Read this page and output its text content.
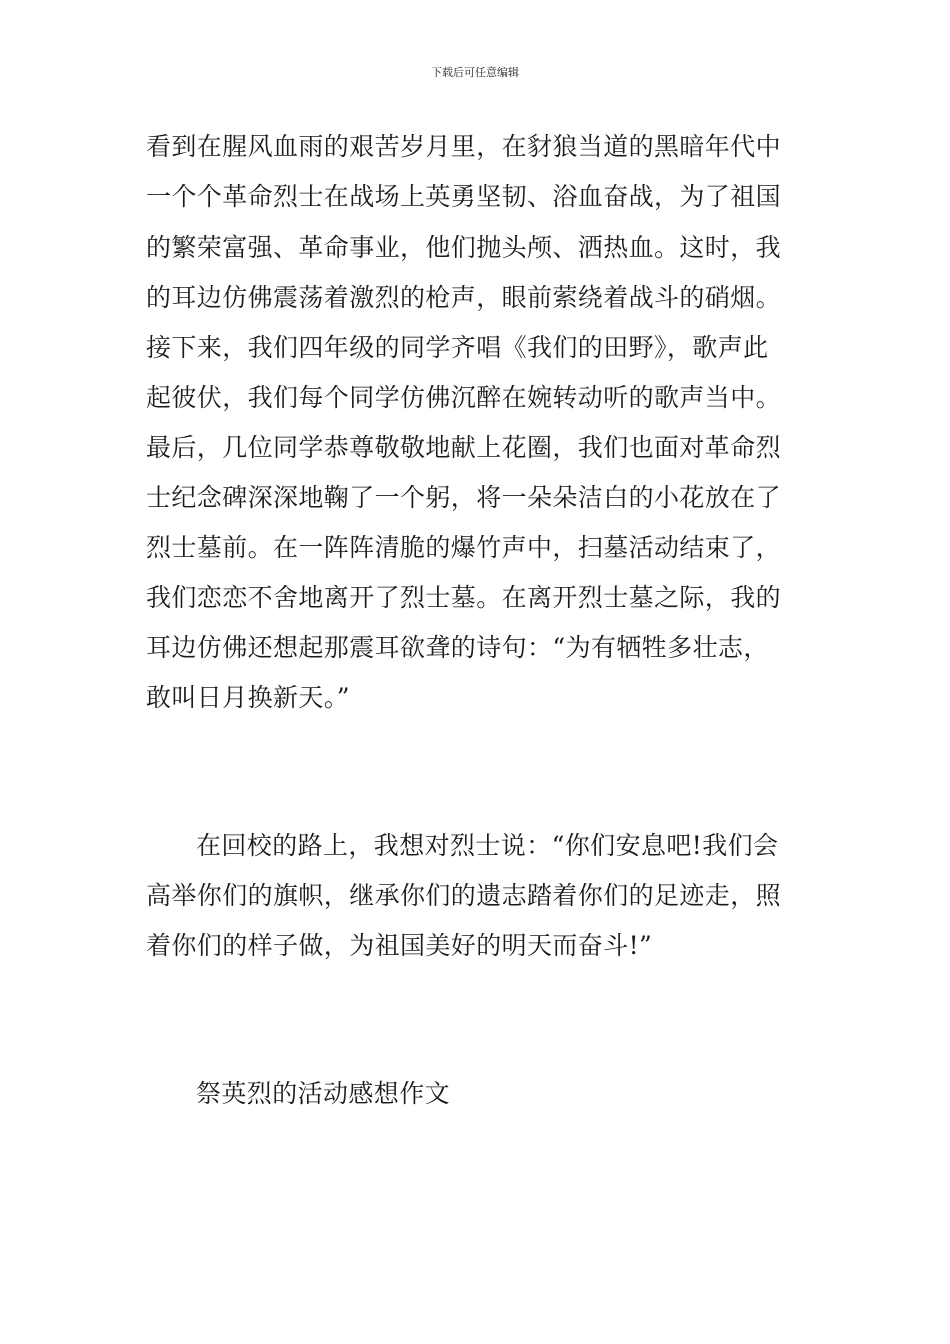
下载后可任意编辑
看到在腥风血雨的艰苦岁月里，在豺狼当道的黑暗年代中
一个个革命烈士在战场上英勇坚韧、浴血奋战，为了祖国
的繁荣富强、革命事业，他们抛头颅、洒热血。这时，我
的耳边仿佛震荡着激烈的枪声，眼前萦绕着战斗的硝烟。
接下来，我们四年级的同学齐唱《我们的田野》，歌声此
起彼伏，我们每个同学仿佛沉醉在婉转动听的歌声当中。
最后，几位同学恭尊敬敬地献上花圈，我们也面对革命烈
士纪念碑深深地鞠了一个躬，将一朵朵洁白的小花放在了
烈士墓前。在一阵阵清脆的爆竹声中，扫墓活动结束了，
我们恋恋不舍地离开了烈士墓。在离开烈士墓之际，我的
耳边仿佛还想起那震耳欲聋的诗句：“为有牺牲多壮志，
敢叫日月换新天。”
在回校的路上，我想对烈士说：“你们安息吧!我们会
高举你们的旗帜，继承你们的遗志踏着你们的足迹走，照
着你们的样子做，为祖国美好的明天而奋斗!”
祭英烈的活动感想作文
